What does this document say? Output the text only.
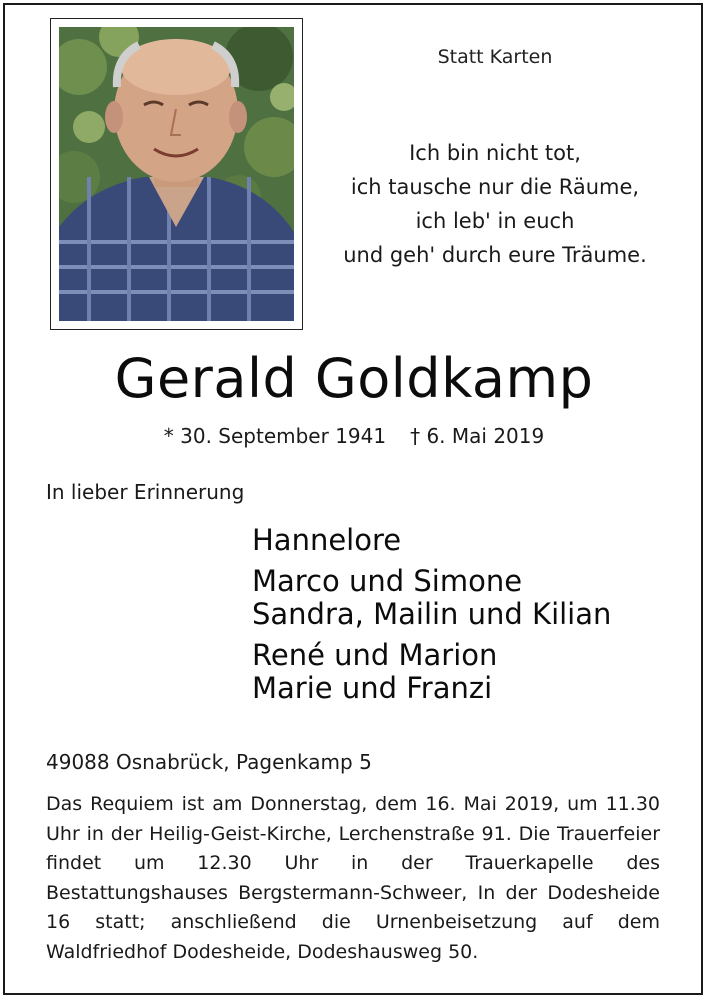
Statt Karten
Ich bin nicht tot,
ich tausche nur die Räume,
ich leb' in euch
und geh' durch eure Träume.
Gerald Goldkamp
* 30. September 1941 † 6. Mai 2019
In lieber Erinnerung
Hannelore
Marco und Simone
Sandra, Mailin und Kilian
René und Marion
Marie und Franzi
49088 Osnabrück, Pagenkamp 5
Das Requiem ist am Donnerstag, dem 16. Mai 2019, um 11.30 Uhr in der Heilig-Geist-Kirche, Lerchenstraße 91. Die Trauerfeier findet um 12.30 Uhr in der Trauerkapelle des Bestattungshauses Bergstermann-Schweer, In der Dodesheide 16 statt; anschließend die Urnenbeisetzung auf dem Waldfriedhof Dodesheide, Dodeshausweg 50.
